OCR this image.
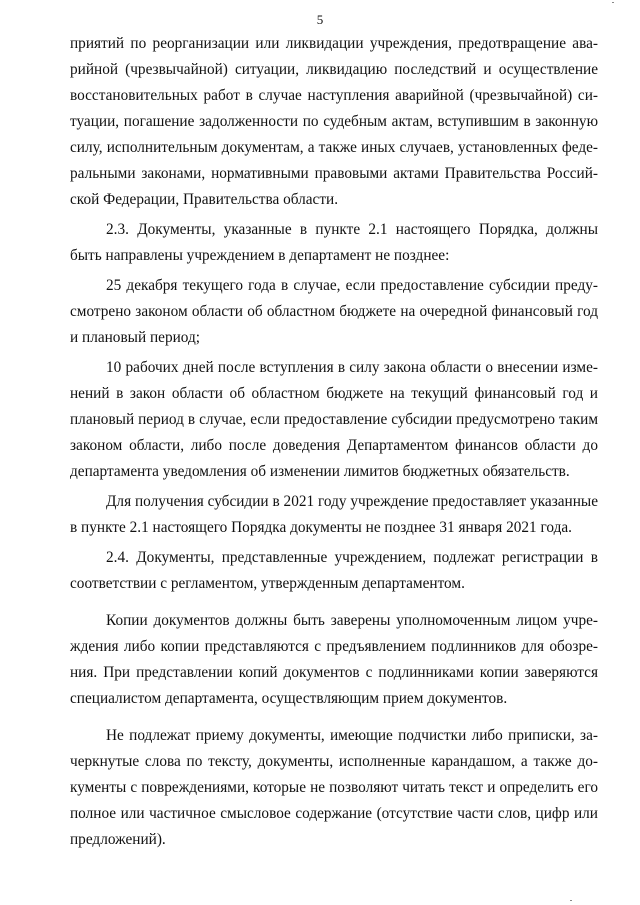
5
приятий по реорганизации или ликвидации учреждения, предотвращение ава-
рийной (чрезвычайной) ситуации, ликвидацию последствий и осуществление
восстановительных работ в случае наступления аварийной (чрезвычайной) си-
туации, погашение задолженности по судебным актам, вступившим в законную
силу, исполнительным документам, а также иных случаев, установленных феде-
ральными законами, нормативными правовыми актами Правительства Россий-
ской Федерации, Правительства области.
2.3. Документы, указанные в пункте 2.1 настоящего Порядка, должны
быть направлены учреждением в департамент не позднее:
25 декабря текущего года в случае, если предоставление субсидии преду-
смотрено законом области об областном бюджете на очередной финансовый год
и плановый период;
10 рабочих дней после вступления в силу закона области о внесении изме-
нений в закон области об областном бюджете на текущий финансовый год и
плановый период в случае, если предоставление субсидии предусмотрено таким
законом области, либо после доведения Департаментом финансов области до
департамента уведомления об изменении лимитов бюджетных обязательств.
Для получения субсидии в 2021 году учреждение предоставляет указанные
в пункте 2.1 настоящего Порядка документы не позднее 31 января 2021 года.
2.4. Документы, представленные учреждением, подлежат регистрации в
соответствии с регламентом, утвержденным департаментом.
Копии документов должны быть заверены уполномоченным лицом учре-
ждения либо копии представляются с предъявлением подлинников для обозре-
ния. При представлении копий документов с подлинниками копии заверяются
специалистом департамента, осуществляющим прием документов.
Не подлежат приему документы, имеющие подчистки либо приписки, за-
черкнутые слова по тексту, документы, исполненные карандашом, а также до-
кументы с повреждениями, которые не позволяют читать текст и определить его
полное или частичное смысловое содержание (отсутствие части слов, цифр или
предложений).
